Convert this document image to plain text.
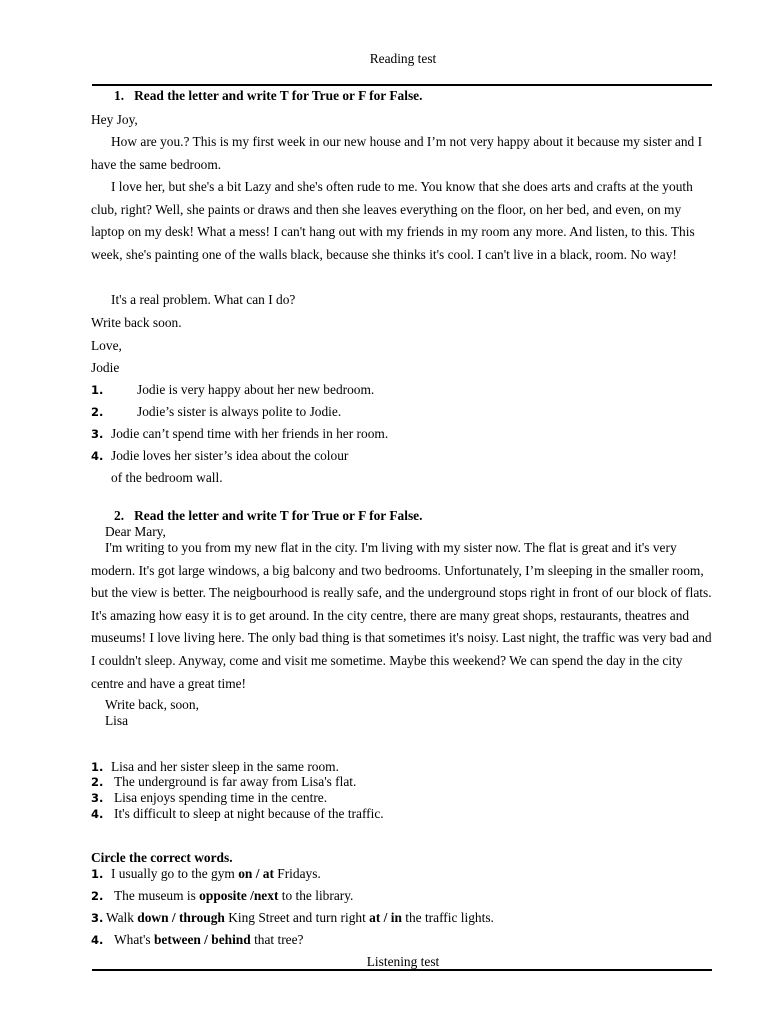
Reading test
1. Read the letter and write T for True or F for False.
Hey Joy,
How are you.? This is my first week in our new house and I’m not very happy about it because my sister and I have the same bedroom.
I love her, but she's a bit Lazy and she's often rude to me. You know that she does arts and crafts at the youth club, right? Well, she paints or draws and then she leaves everything on the floor, on her bed, and even, on my laptop on my desk! What a mess! I can't hang out with my friends in my room any more. And listen, to this. This week, she's painting one of the walls black, because she thinks it's cool. I can't live in a black, room. No way!
It's a real problem. What can I do?
Write back soon.
Love,
Jodie
1.	Jodie is very happy about her new bedroom.
2.	Jodie’s sister is always polite to Jodie.
3. Jodie can’t spend time with her friends in her room.
4. Jodie loves her sister’s idea about the colour
of the bedroom wall.
2. Read the letter and write T for True or F for False.
Dear Mary,
I'm writing to you from my new flat in the city. I'm living with my sister now. The flat is great and it's very modern. It's got large windows, a big balcony and two bedrooms. Unfortunately, I’m sleeping in the smaller room, but the view is better. The neigbourhood is really safe, and the underground stops right in front of our block of flats. It's amazing how easy it is to get around. In the city centre, there are many great shops, restaurants, theatres and museums! I love living here. The only bad thing is that sometimes it's noisy. Last night, the traffic was very bad and I couldn't sleep. Anyway, come and visit me sometime. Maybe this weekend? We can spend the day in the city centre and have a great time!
Write back, soon,
Lisa
1. Lisa and her sister sleep in the same room.
2. The underground is far away from Lisa's flat.
3. Lisa enjoys spending time in the centre.
4. It's difficult to sleep at night because of the traffic.
Circle the correct words.
1. I usually go to the gym on / at Fridays.
2. The museum is opposite /next to the library.
3. Walk down / through King Street and turn right at / in the traffic lights.
4. What's between / behind that tree?
Listening test
